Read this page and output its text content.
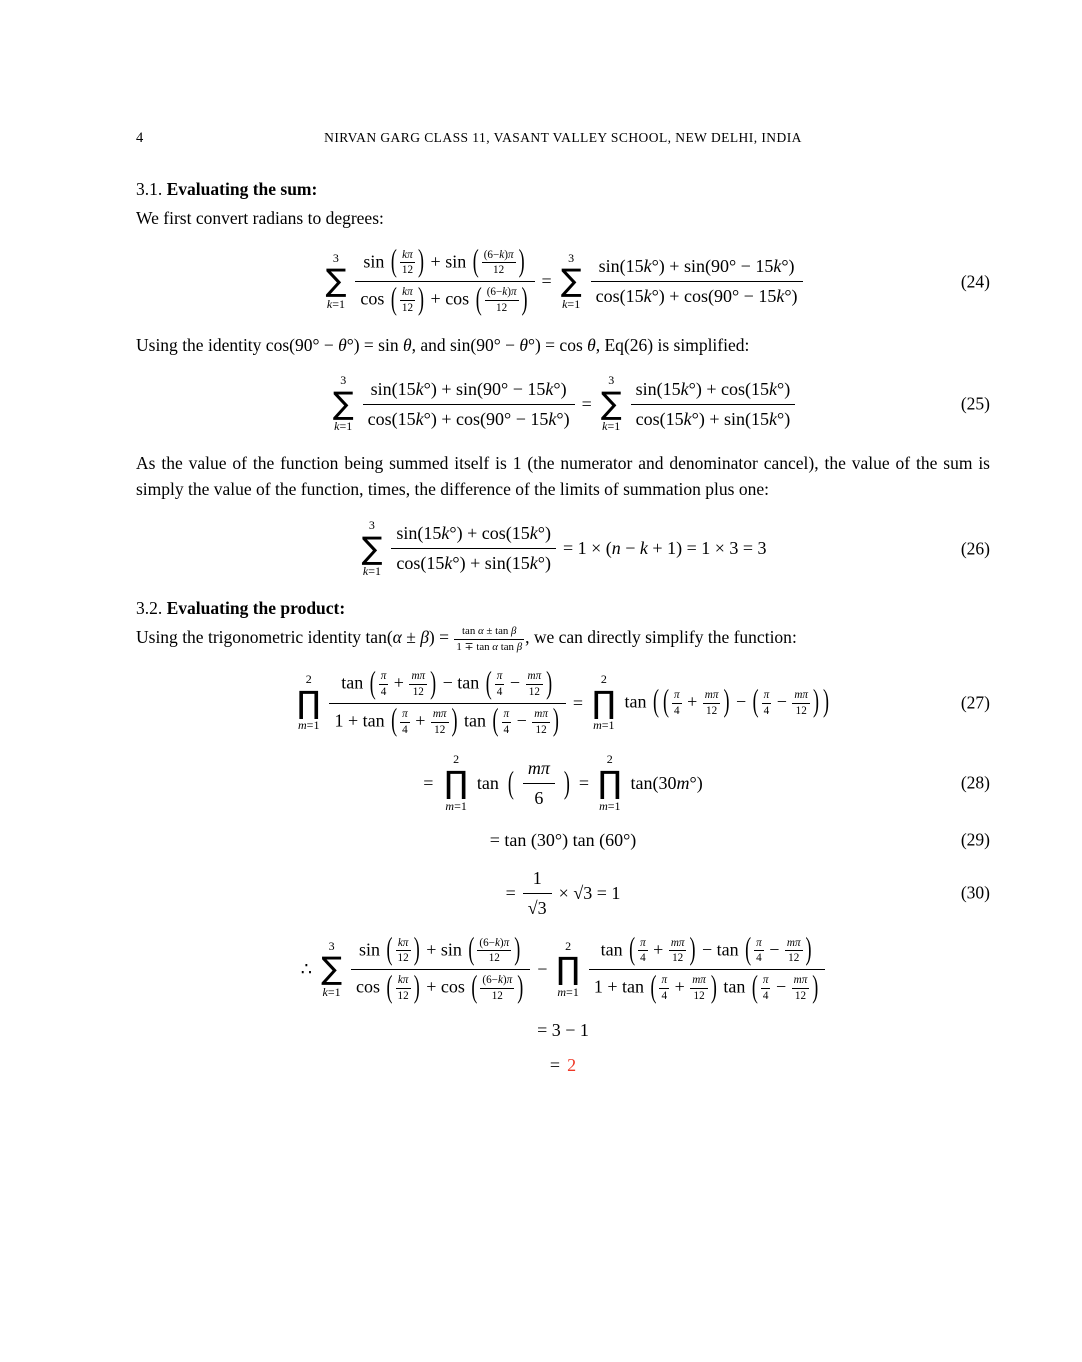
4	NIRVAN GARG CLASS 11, VASANT VALLEY SCHOOL, NEW DELHI, INDIA

3.1. Evaluating the sum:

We first convert radians to degrees:

3
∑
$k=1 \frac{\sin ( \frac{k\pi}{12} ) + \sin ( \frac{(6-k)\pi}{12} )}{\cos ( \frac{k\pi}{12} ) + \cos ( \frac{(6-k)\pi}{12} )}$ =
3
∑
$k=1 \frac{\sin(15k^\circ) + \sin(90^\circ - 15k^\circ)}{\cos(15k^\circ) + \cos(90^\circ - 15k^\circ)}$	(24)

Using the identity cos(90° − θ°) = sin θ, and sin(90° − θ°) = cos θ, Eq(26) is simplified:

3
∑
$k=1 \frac{\sin(15k^\circ) + \sin(90^\circ - 15k^\circ)}{\cos(15k^\circ) + \cos(90^\circ - 15k^\circ)}$ =
3
∑
$k=1 \frac{\sin(15k^\circ) + \cos(15k^\circ)}{\cos(15k^\circ) + \sin(15k^\circ)}$	(25)

As the value of the function being summed itself is 1 (the numerator and denominator cancel), the value of the sum is simply the value of the function, times, the difference of the limits of summation plus one:

3
∑
$k=1 \frac{\sin(15k^\circ) + \cos(15k^\circ)}{\cos(15k^\circ) + \sin(15k^\circ)} = 1 \times (n - k + 1) = 1 \times 3 = 3$	(26)

3.2. Evaluating the product:

Using the trigonometric identity $\tan(\alpha \pm \beta) = \frac{\text{tan α ± tan β}}{\text{1 ∓ tan α tan β}}$ , we can directly simplify the function:

2
∏
$m=1 \frac{\tan ( \frac{\pi}{4} + \frac{m\pi}{12} ) - \tan ( \frac{\pi}{4} - \frac{m\pi}{12} )}{1 + \tan ( \frac{\pi}{4} + \frac{m\pi}{12} ) \tan ( \frac{\pi}{4} - \frac{m\pi}{12} )}$ =
2
∏
m=1
tan ( ( $\frac{\pi}{4} + \frac{m\pi}{12}$ ) − ( $\frac{\pi}{4} - \frac{m\pi}{12}$ ) )	(27)
=
2
∏
m=1
tan ( $\frac{m\pi}{6}$ ) =
2
∏
m=1
tan(30m°)	(28)
= tan (30°) tan (60°)	(29)
= $\frac{1}{√3} \times √3 = 1$	(30)
∴
3
∑
$k=1 \frac{\sin ( \frac{k\pi}{12} ) + \sin ( \frac{(6-k)\pi}{12} )}{\cos ( \frac{k\pi}{12} ) + \cos ( \frac{(6-k)\pi}{12} )}$ −
2
∏
$m=1 \frac{\tan ( \frac{\pi}{4} + \frac{m\pi}{12} ) - \tan ( \frac{\pi}{4} - \frac{m\pi}{12} )}{1 + \tan ( \frac{\pi}{4} + \frac{m\pi}{12} ) \tan ( \frac{\pi}{4} - \frac{m\pi}{12} )}$
= 3 − 1
= 2
